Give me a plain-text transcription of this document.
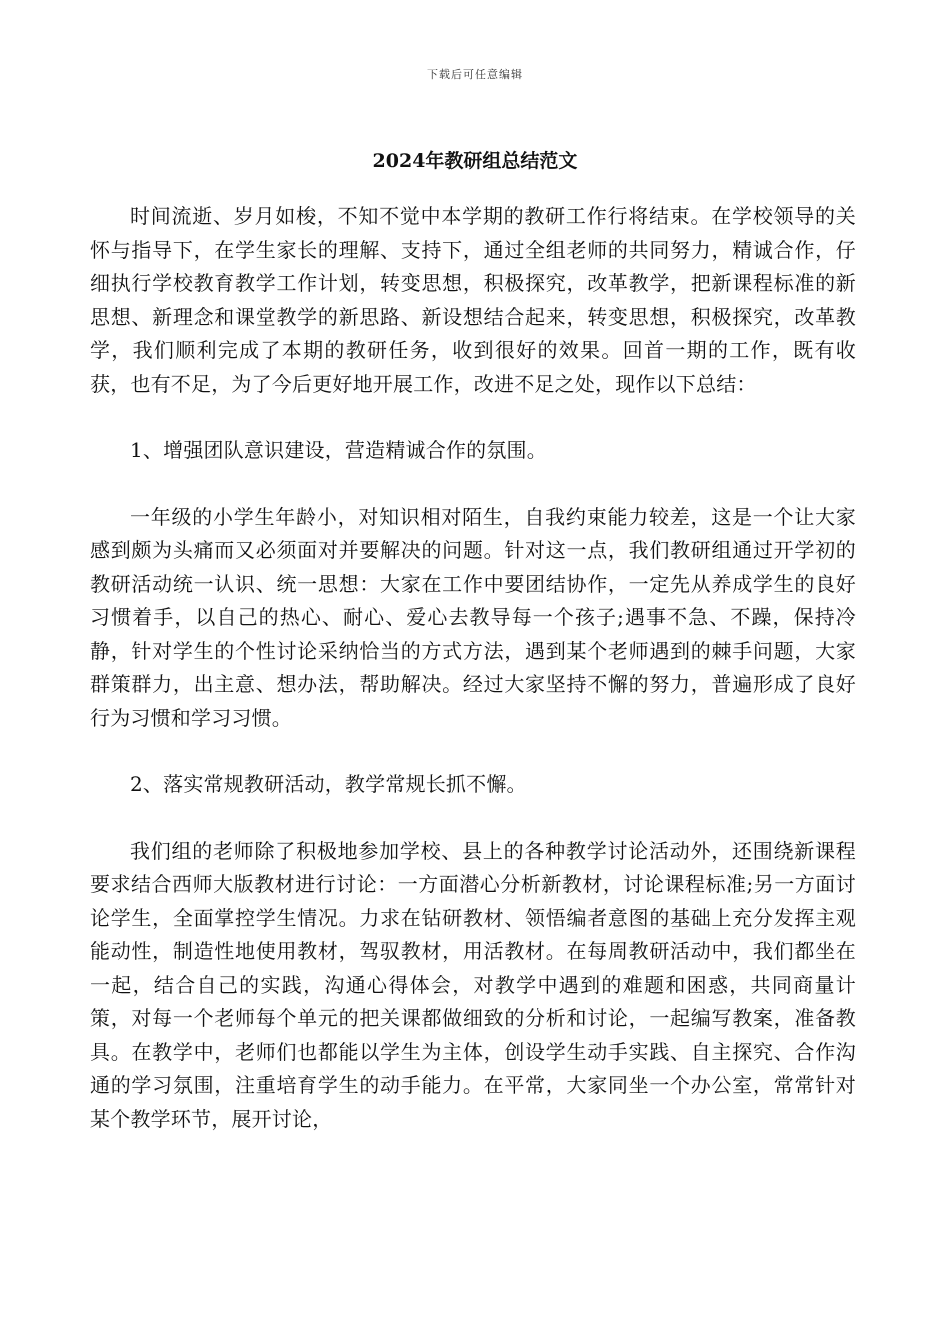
下载后可任意编辑
2024年教研组总结范文

时间流逝、岁月如梭，不知不觉中本学期的教研工作行将结束。在学校领导的关怀与指导下，在学生家长的理解、支持下，通过全组老师的共同努力，精诚合作，仔细执行学校教育教学工作计划，转变思想，积极探究，改革教学，把新课程标准的新思想、新理念和课堂教学的新思路、新设想结合起来，转变思想，积极探究，改革教学，我们顺利完成了本期的教研任务，收到很好的效果。回首一期的工作，既有收获，也有不足，为了今后更好地开展工作，改进不足之处，现作以下总结：

1、增强团队意识建设，营造精诚合作的氛围。

一年级的小学生年龄小，对知识相对陌生，自我约束能力较差，这是一个让大家感到颇为头痛而又必须面对并要解决的问题。针对这一点，我们教研组通过开学初的教研活动统一认识、统一思想：大家在工作中要团结协作，一定先从养成学生的良好习惯着手，以自己的热心、耐心、爱心去教导每一个孩子;遇事不急、不躁，保持冷静，针对学生的个性讨论采纳恰当的方式方法，遇到某个老师遇到的棘手问题，大家群策群力，出主意、想办法，帮助解决。经过大家坚持不懈的努力，普遍形成了良好行为习惯和学习习惯。

2、落实常规教研活动，教学常规长抓不懈。

我们组的老师除了积极地参加学校、县上的各种教学讨论活动外，还围绕新课程要求结合西师大版教材进行讨论：一方面潜心分析新教材，讨论课程标准;另一方面讨论学生，全面掌控学生情况。力求在钻研教材、领悟编者意图的基础上充分发挥主观能动性，制造性地使用教材，驾驭教材，用活教材。在每周教研活动中，我们都坐在一起，结合自己的实践，沟通心得体会，对教学中遇到的难题和困惑，共同商量计策，对每一个老师每个单元的把关课都做细致的分析和讨论，一起编写教案，准备教具。在教学中，老师们也都能以学生为主体，创设学生动手实践、自主探究、合作沟通的学习氛围，注重培育学生的动手能力。在平常，大家同坐一个办公室，常常针对某个教学环节，展开讨论，
